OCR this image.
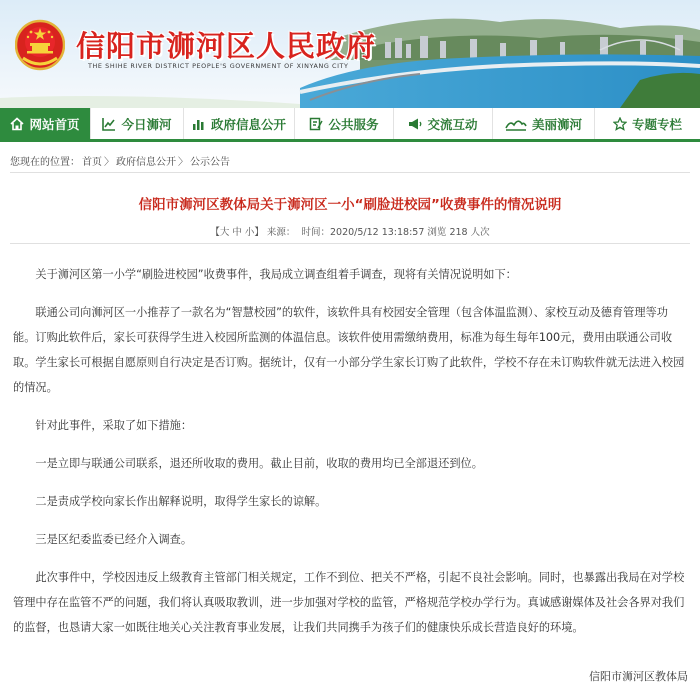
信阳市浉河区人民政府
THE SHIHE RIVER DISTRICT PEOPLE'S GOVERNMENT OF XINYANG CITY
网站首页	今日浉河	政府信息公开	公共服务	交流互动	美丽浉河	专题专栏
您现在的位置： 首页 〉 政府信息公开 〉 公示公告
信阳市浉河区教体局关于浉河区一小“刷脸进校园”收费事件的情况说明
【大 中 小】 来源： 时间：2020/5/12 13:18:57 浏览 218 人次

关于浉河区第一小学“刷脸进校园”收费事件，我局成立调查组着手调查，现将有关情况说明如下：

联通公司向浉河区一小推荐了一款名为“智慧校园”的软件，该软件具有校园安全管理（包含体温监测）、家校互动及德育管理等功能。订购此软件后，家长可获得学生进入校园所监测的体温信息。该软件使用需缴纳费用，标准为每生每年100元，费用由联通公司收取。学生家长可根据自愿原则自行决定是否订购。据统计，仅有一小部分学生家长订购了此软件，学校不存在未订购软件就无法进入校园的情况。

针对此事件，采取了如下措施：

一是立即与联通公司联系，退还所收取的费用。截止目前，收取的费用均已全部退还到位。

二是责成学校向家长作出解释说明，取得学生家长的谅解。

三是区纪委监委已经介入调查。

此次事件中，学校因违反上级教育主管部门相关规定，工作不到位、把关不严格，引起不良社会影响。同时，也暴露出我局在对学校管理中存在监管不严的问题，我们将认真吸取教训，进一步加强对学校的监管，严格规范学校办学行为。真诚感谢媒体及社会各界对我们的监督，也恳请大家一如既往地关心关注教育事业发展，让我们共同携手为孩子们的健康快乐成长营造良好的环境。

信阳市浉河区教体局
